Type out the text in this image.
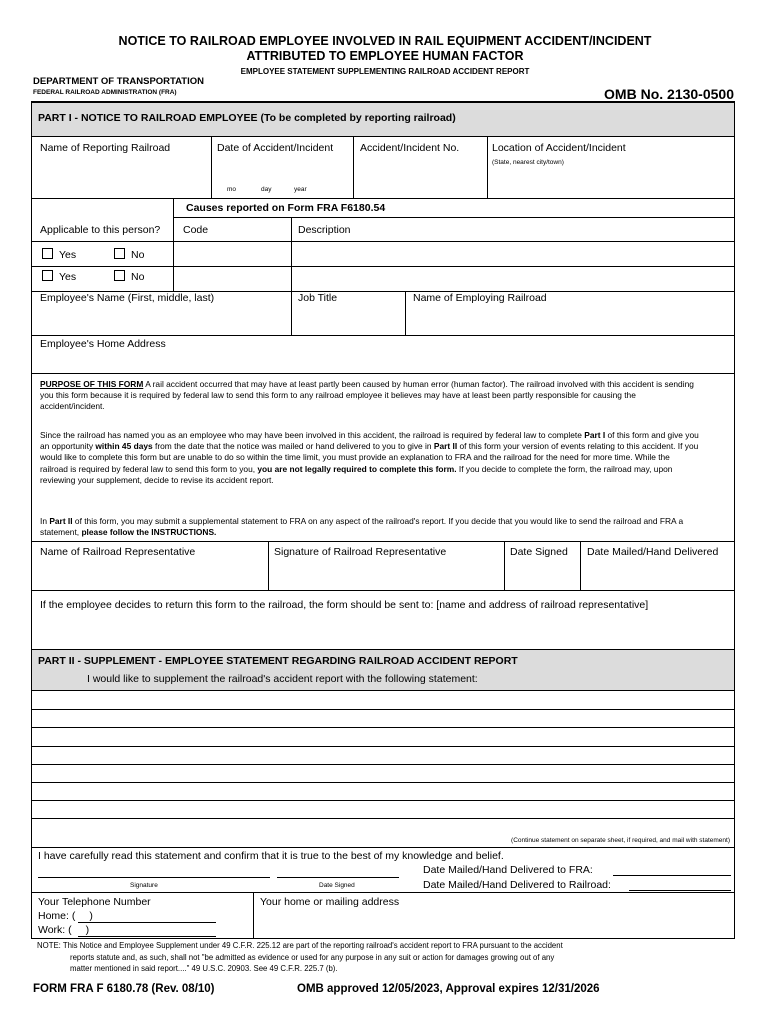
NOTICE TO RAILROAD EMPLOYEE INVOLVED IN RAIL EQUIPMENT ACCIDENT/INCIDENT
ATTRIBUTED TO EMPLOYEE HUMAN FACTOR
EMPLOYEE STATEMENT SUPPLEMENTING RAILROAD ACCIDENT REPORT
DEPARTMENT OF TRANSPORTATION
FEDERAL RAILROAD ADMINISTRATION (FRA)	OMB No. 2130-0500
PART I - NOTICE TO RAILROAD EMPLOYEE (To be completed by reporting railroad)
Name of Reporting Railroad	Date of Accident/Incident
mo	day	year
Accident/Incident No.	Location of Accident/Incident
(State, nearest city/town)
Causes reported on Form FRA F6180.54
Applicable to this person? Code	Description
Yes	No
Yes	No
Employee's Name (First, middle, last)	Job Title	Name of Employing Railroad
Employee's Home Address
PURPOSE OF THIS FORM A rail accident occurred that may have at least partly been caused by human error (human factor). The railroad involved with this accident is sending you this form because it is required by federal law to send this form to any railroad employee it believes may have at least been partly responsible for causing the accident/incident.
Since the railroad has named you as an employee who may have been involved in this accident, the railroad is required by federal law to complete Part I of this form and give you an opportunity within 45 days from the date that the notice was mailed or hand delivered to you to give in Part II of this form your version of events relating to this accident. If you would like to complete this form but are unable to do so within the time limit, you must provide an explanation to FRA and the railroad for the need for more time. While the railroad is required by federal law to send this form to you, you are not legally required to complete this form. If you decide to complete the form, the railroad may, upon reviewing your supplement, decide to revise its accident report.
In Part II of this form, you may submit a supplemental statement to FRA on any aspect of the railroad's report. If you decide that you would like to send the railroad and FRA a statement, please follow the INSTRUCTIONS.
Name of Railroad Representative	Signature of Railroad Representative	Date Signed Date Mailed/Hand Delivered
If the employee decides to return this form to the railroad, the form should be sent to: [name and address of railroad representative]
PART II - SUPPLEMENT - EMPLOYEE STATEMENT REGARDING RAILROAD ACCIDENT REPORT
I would like to supplement the railroad's accident report with the following statement:
(Continue statement on separate sheet, if required, and mail with statement)
I have carefully read this statement and confirm that it is true to the best of my knowledge and belief.
Date Mailed/Hand Delivered to FRA:
Date Mailed/Hand Delivered to Railroad:
Signature	Date Signed
Your Telephone Number
Home: ( )
Work: ( )
Your home or mailing address
NOTE: This Notice and Employee Supplement under 49 C.F.R. 225.12 are part of the reporting railroad's accident report to FRA pursuant to the accident
reports statute and, as such, shall not "be admitted as evidence or used for any purpose in any suit or action for damages growing out of any
matter mentioned in said report...." 49 U.S.C. 20903. See 49 C.F.R. 225.7 (b).
FORM FRA F 6180.78 (Rev. 08/10)	OMB approved 12/05/2023, Approval expires 12/31/2026
